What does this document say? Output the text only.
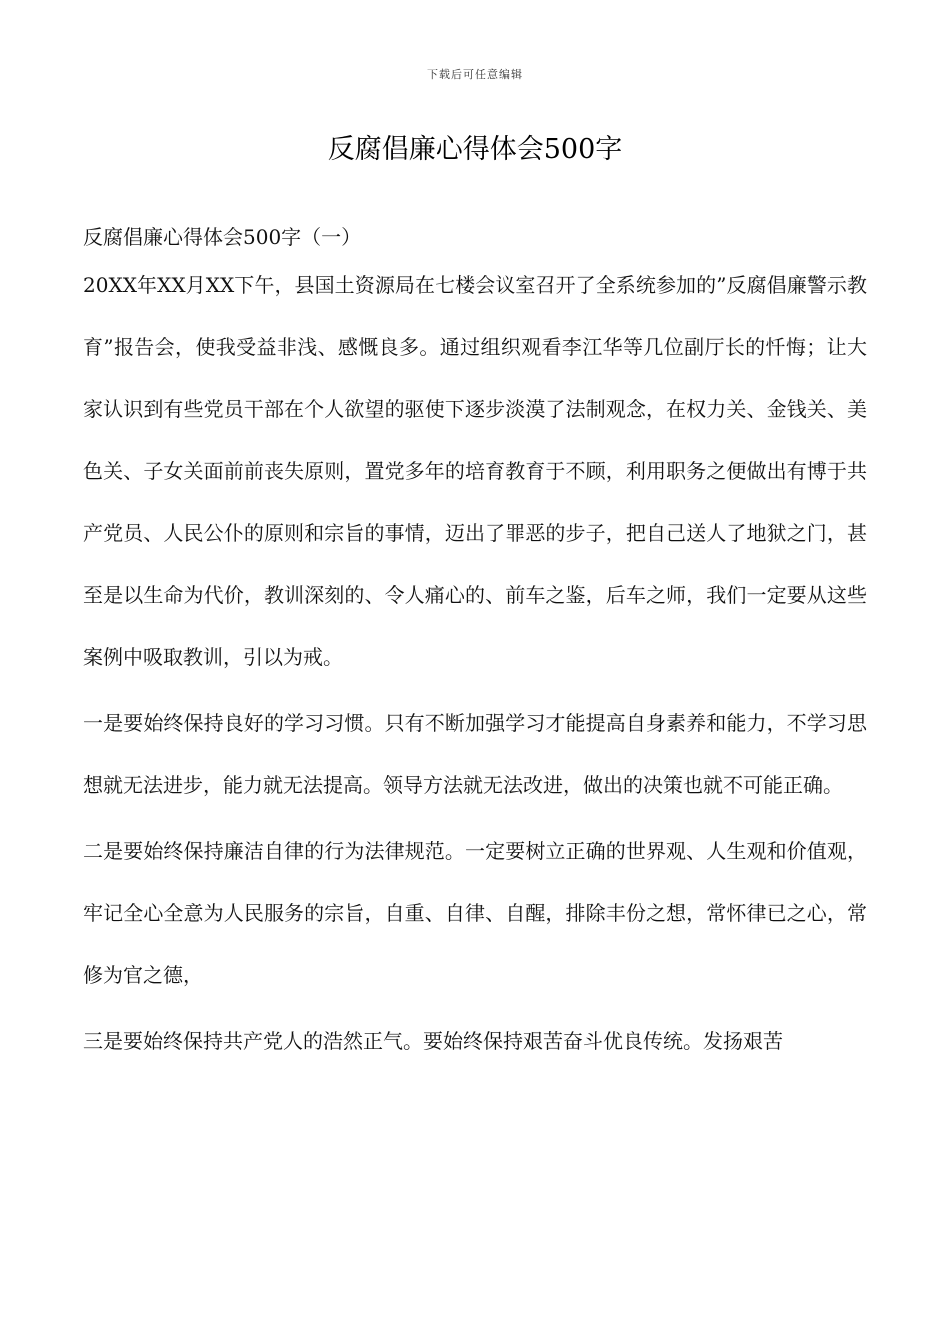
下载后可任意编辑
反腐倡廉心得体会500字
反腐倡廉心得体会500字（一）

20XX年XX月XX下午，县国土资源局在七楼会议室召开了全系统参加的”反腐倡廉警示教育”报告会，使我受益非浅、感慨良多。通过组织观看李江华等几位副厅长的忏悔；让大家认识到有些党员干部在个人欲望的驱使下逐步淡漠了法制观念，在权力关、金钱关、美色关、子女关面前前丧失原则，置党多年的培育教育于不顾，利用职务之便做出有博于共产党员、人民公仆的原则和宗旨的事情，迈出了罪恶的步子，把自己送人了地狱之门，甚至是以生命为代价，教训深刻的、令人痛心的、前车之鉴，后车之师，我们一定要从这些案例中吸取教训，引以为戒。

一是要始终保持良好的学习习惯。只有不断加强学习才能提高自身素养和能力，不学习思想就无法进步，能力就无法提高。领导方法就无法改进，做出的决策也就不可能正确。

二是要始终保持廉洁自律的行为法律规范。一定要树立正确的世界观、人生观和价值观，牢记全心全意为人民服务的宗旨，自重、自律、自醒，排除丰份之想，常怀律已之心，常修为官之德，

三是要始终保持共产党人的浩然正气。要始终保持艰苦奋斗优良传统。发扬艰苦
